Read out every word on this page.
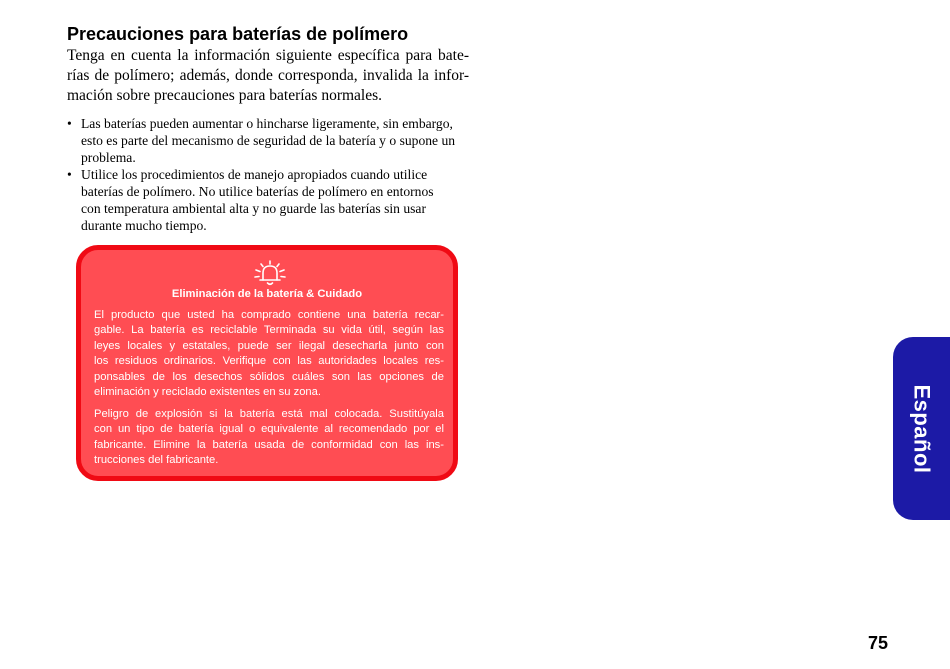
Precauciones para baterías de polímero
Tenga en cuenta la información siguiente específica para bate-
rías de polímero; además, donde corresponda, invalida la infor-
mación sobre precauciones para baterías normales.
• Las baterías pueden aumentar o hincharse ligeramente, sin embargo,
esto es parte del mecanismo de seguridad de la batería y o supone un
problema.
• Utilice los procedimientos de manejo apropiados cuando utilice
baterías de polímero. No utilice baterías de polímero en entornos
con temperatura ambiental alta y no guarde las baterías sin usar
durante mucho tiempo.
Eliminación de la batería & Cuidado
El producto que usted ha comprado contiene una batería recar-
gable. La batería es reciclable Terminada su vida útil, según las
leyes locales y estatales, puede ser ilegal desecharla junto con
los residuos ordinarios. Verifique con las autoridades locales res-
ponsables de los desechos sólidos cuáles son las opciones de
eliminación y reciclado existentes en su zona.
Peligro de explosión si la batería está mal colocada. Sustitúyala
con un tipo de batería igual o equivalente al recomendado por el
fabricante. Elimine la batería usada de conformidad con las ins-
trucciones del fabricante.	Español
75
